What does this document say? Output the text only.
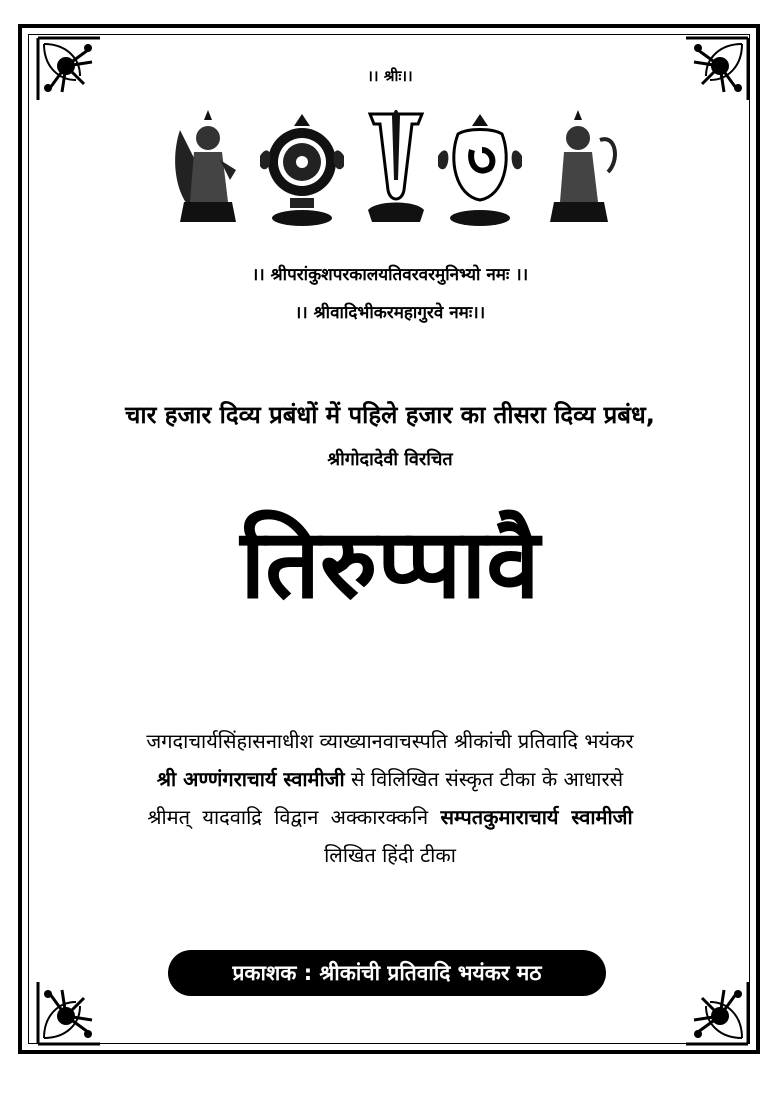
।। श्रीः।।
।। श्रीपरांकुशपरकालयतिवरवरमुनिभ्यो नमः ।।
।। श्रीवादिभीकरमहागुरवे नमः।।
चार हजार दिव्य प्रबंधों में पहिले हजार का तीसरा दिव्य प्रबंध,
श्रीगोदादेवी विरचित
तिरुप्पावै
जगदाचार्यसिंहासनाधीश व्याख्यानवाचस्पति श्रीकांची प्रतिवादि भयंकर
श्री अण्णंगराचार्य स्वामीजी से विलिखित संस्कृत टीका के आधारसे
श्रीमत् यादवाद्रि विद्वान अक्कारक्कनि सम्पतकुमाराचार्य स्वामीजी
लिखित हिंदी टीका
प्रकाशक : श्रीकांची प्रतिवादि भयंकर मठ
